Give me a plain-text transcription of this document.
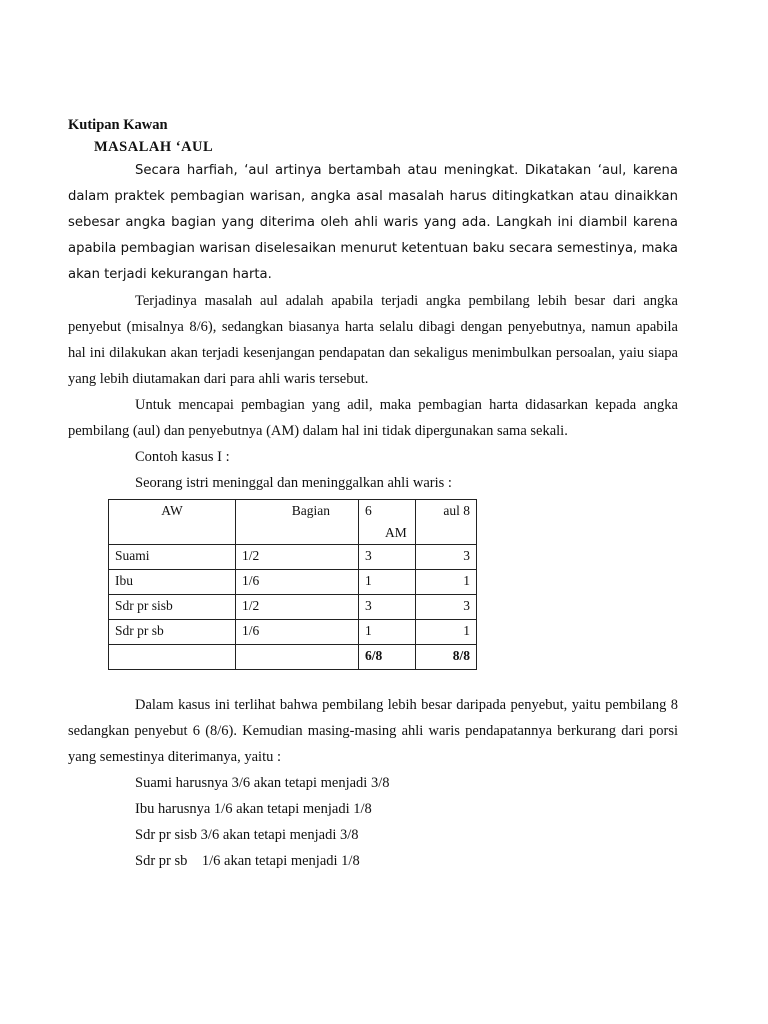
Kutipan Kawan

MASALAH ‘AUL

Secara harfiah, ‘aul artinya bertambah atau meningkat. Dikatakan ‘aul, karena dalam praktek pembagian warisan, angka asal masalah harus ditingkatkan atau dinaikkan sebesar angka bagian yang diterima oleh ahli waris yang ada. Langkah ini diambil karena apabila pembagian warisan diselesaikan menurut ketentuan baku secara semestinya, maka akan terjadi kekurangan harta.

Terjadinya masalah aul adalah apabila terjadi angka pembilang lebih besar dari angka penyebut (misalnya 8/6), sedangkan biasanya harta selalu dibagi dengan penyebutnya, namun apabila hal ini dilakukan akan terjadi kesenjangan pendapatan dan sekaligus menimbulkan persoalan, yaiu siapa yang lebih diutamakan dari para ahli waris tersebut.

Untuk mencapai pembagian yang adil, maka pembagian harta didasarkan kepada angka pembilang (aul) dan penyebutnya (AM) dalam hal ini tidak dipergunakan sama sekali.

Contoh kasus I :

Seorang istri meninggal dan meninggalkan ahli waris :

AW	Bagian	6 AM	aul 8
Suami	1/2	3	3
Ibu	1/6	1	1
Sdr pr sisb	1/2	3	3
Sdr pr sb	1/6	1	1
		6/8	8/8

Dalam kasus ini terlihat bahwa pembilang lebih besar daripada penyebut, yaitu pembilang 8 sedangkan penyebut 6 (8/6). Kemudian masing-masing ahli waris pendapatannya berkurang dari porsi yang semestinya diterimanya, yaitu :

Suami harusnya 3/6 akan tetapi menjadi 3/8

Ibu harusnya 1/6 akan tetapi menjadi 1/8

Sdr pr sisb 3/6 akan tetapi menjadi 3/8

Sdr pr sb    1/6 akan tetapi menjadi 1/8
